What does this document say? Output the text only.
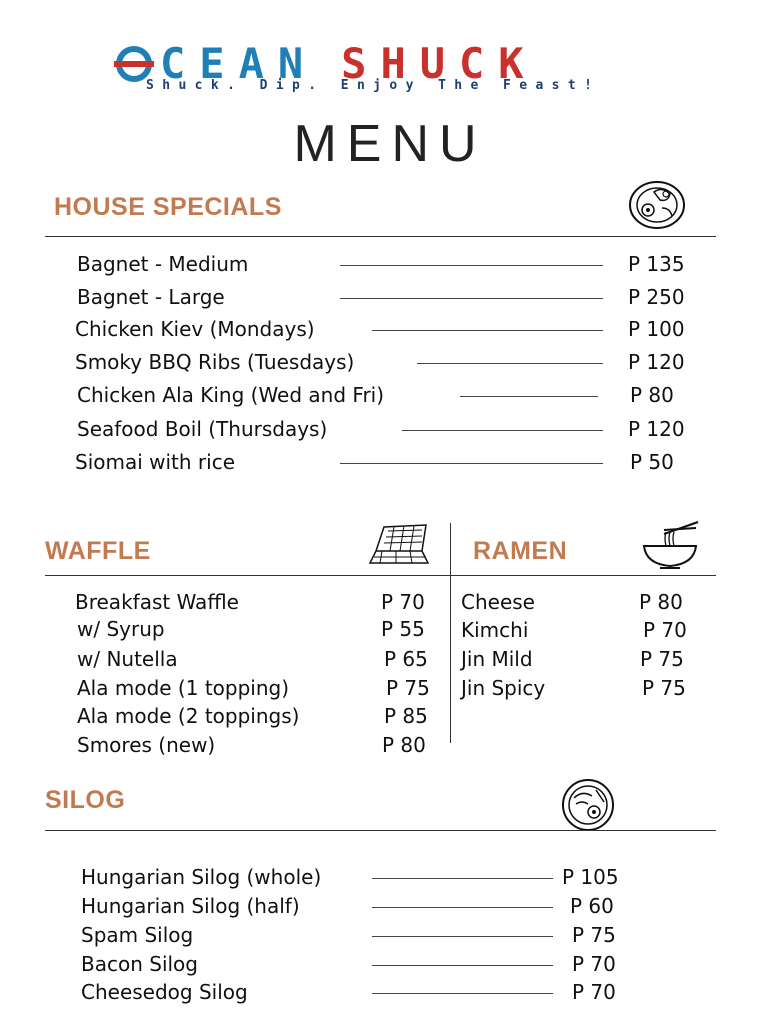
CEAN SHUCK
Shuck. Dip. Enjoy The Feast!
MENU
HOUSE SPECIALS
Bagnet - Medium	P 135
Bagnet - Large	P 250
Chicken Kiev (Mondays)	P 100
Smoky BBQ Ribs (Tuesdays)	P 120
Chicken Ala King (Wed and Fri)	P 80
Seafood Boil (Thursdays)	P 120
Siomai with rice	P 50
WAFFLE	RAMEN
Breakfast Waffle	P 70
w/ Syrup	P 55
w/ Nutella	P 65
Ala mode (1 topping)	P 75
Ala mode (2 toppings)	P 85
Smores (new)	P 80
Cheese	P 80
Kimchi	P 70
Jin Mild	P 75
Jin Spicy	P 75
SILOG
Hungarian Silog (whole)	P 105
Hungarian Silog (half)	P 60
Spam Silog	P 75
Bacon Silog	P 70
Cheesedog Silog	P 70
